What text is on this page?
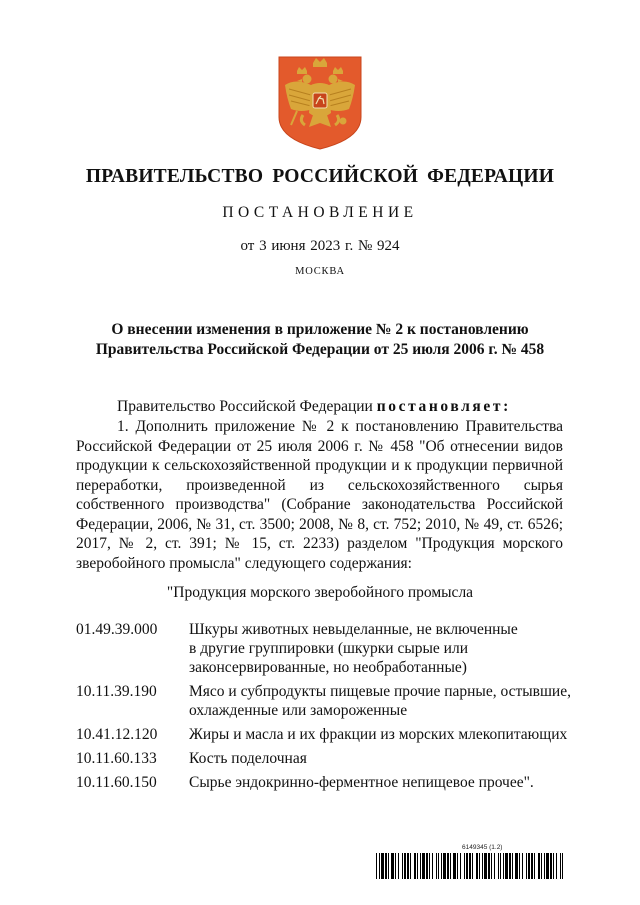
ПРАВИТЕЛЬСТВО РОССИЙСКОЙ ФЕДЕРАЦИИ
ПОСТАНОВЛЕНИЕ
от 3 июня 2023 г. № 924
МОСКВА
О внесении изменения в приложение № 2 к постановлению
Правительства Российской Федерации от 25 июля 2006 г. № 458
Правительство Российской Федерации постановляет:
1. Дополнить приложение № 2 к постановлению Правительства Российской Федерации от 25 июля 2006 г. № 458 "Об отнесении видов продукции к сельскохозяйственной продукции и к продукции первичной переработки, произведенной из сельскохозяйственного сырья собственного производства" (Собрание законодательства Российской Федерации, 2006, № 31, ст. 3500; 2008, № 8, ст. 752; 2010, № 49, ст. 6526; 2017, № 2, ст. 391; № 15, ст. 2233) разделом "Продукция морского зверобойного промысла" следующего содержания:
"Продукция морского зверобойного промысла
01.49.39.000	Шкуры животных невыделанные, не включенные
в другие группировки (шкурки сырые или
законсервированные, но необработанные)
10.11.39.190	Мясо и субпродукты пищевые прочие парные, остывшие,
охлажденные или замороженные
10.41.12.120	Жиры и масла и их фракции из морских млекопитающих
10.11.60.133	Кость поделочная
10.11.60.150	Сырье эндокринно-ферментное непищевое прочее".
6149345 (1.2)
